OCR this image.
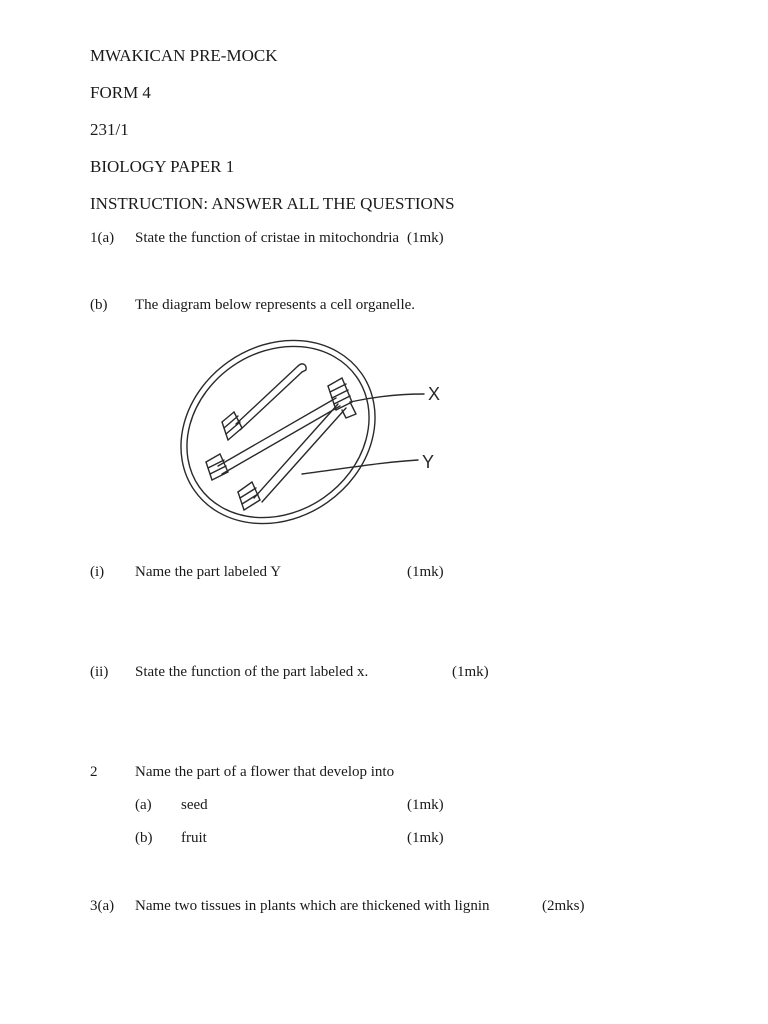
MWAKICAN PRE-MOCK
FORM 4
231/1
BIOLOGY PAPER 1
INSTRUCTION: ANSWER ALL THE QUESTIONS
1(a) State the function of cristae in mitochondria (1mk)
(b) The diagram below represents a cell organelle.
X
Y
(i) Name the part labeled Y	(1mk)
(ii) State the function of the part labeled x.	(1mk)
2	Name the part of a flower that develop into
(a) seed	(1mk)
(b) fruit	(1mk)
3(a) Name two tissues in plants which are thickened with lignin	(2mks)
